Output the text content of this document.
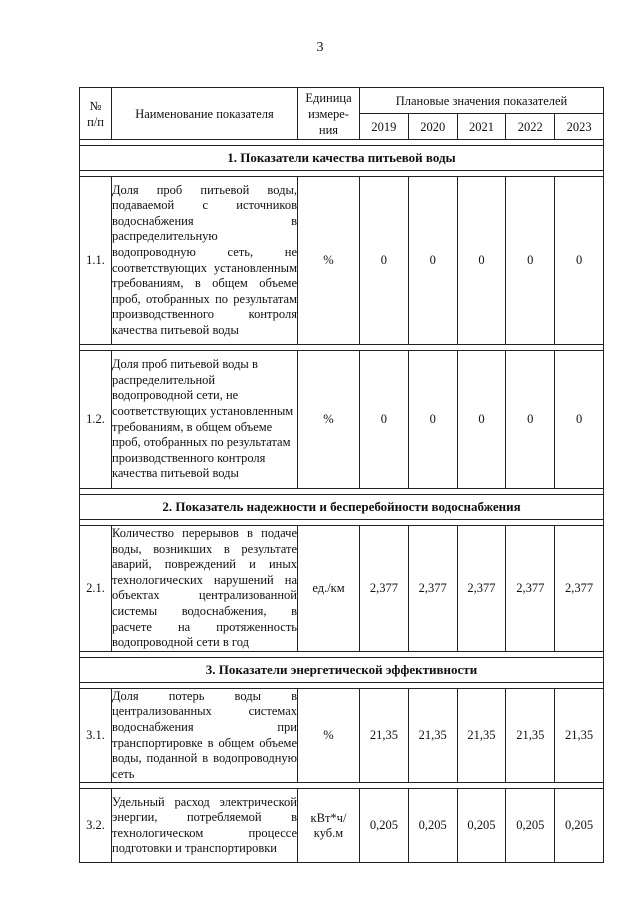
3
№ п/п	Наименование показателя	Единица измере-ния	Плановые значения показателей				
			2019	2020	2021	2022	2023

1. Показатели качества питьевой воды							

1.1.	Доля проб питьевой воды, подаваемой с источников водоснабжения в распределительную водопроводную сеть, не соответствующих установленным требованиям, в общем объеме проб, отобранных по результатам производственного контроля качества питьевой воды	%	0	0	0	0	0

1.2.	Доля проб питьевой воды в распределительной водопроводной сети, не соответствующих установленным требованиям, в общем объеме проб, отобранных по результатам производственного контроля качества питьевой воды	%	0	0	0	0	0

2. Показатель надежности и бесперебойности водоснабжения							

2.1.	Количество перерывов в подаче воды, возникших в результате аварий, повреждений и иных технологических нарушений на объектах централизованной системы водоснабжения, в расчете на протяженность водопроводной сети в год	ед./км	2,377	2,377	2,377	2,377	2,377

3. Показатели энергетической эффективности							

3.1.	Доля потерь воды в централизованных системах водоснабжения при транспортировке в общем объеме воды, поданной в водопроводную сеть	%	21,35	21,35	21,35	21,35	21,35

3.2.	Удельный расход электрической энергии, потребляемой в технологическом процессе подготовки и транспортировки	кВт*ч/куб.м	0,205	0,205	0,205	0,205	0,205
